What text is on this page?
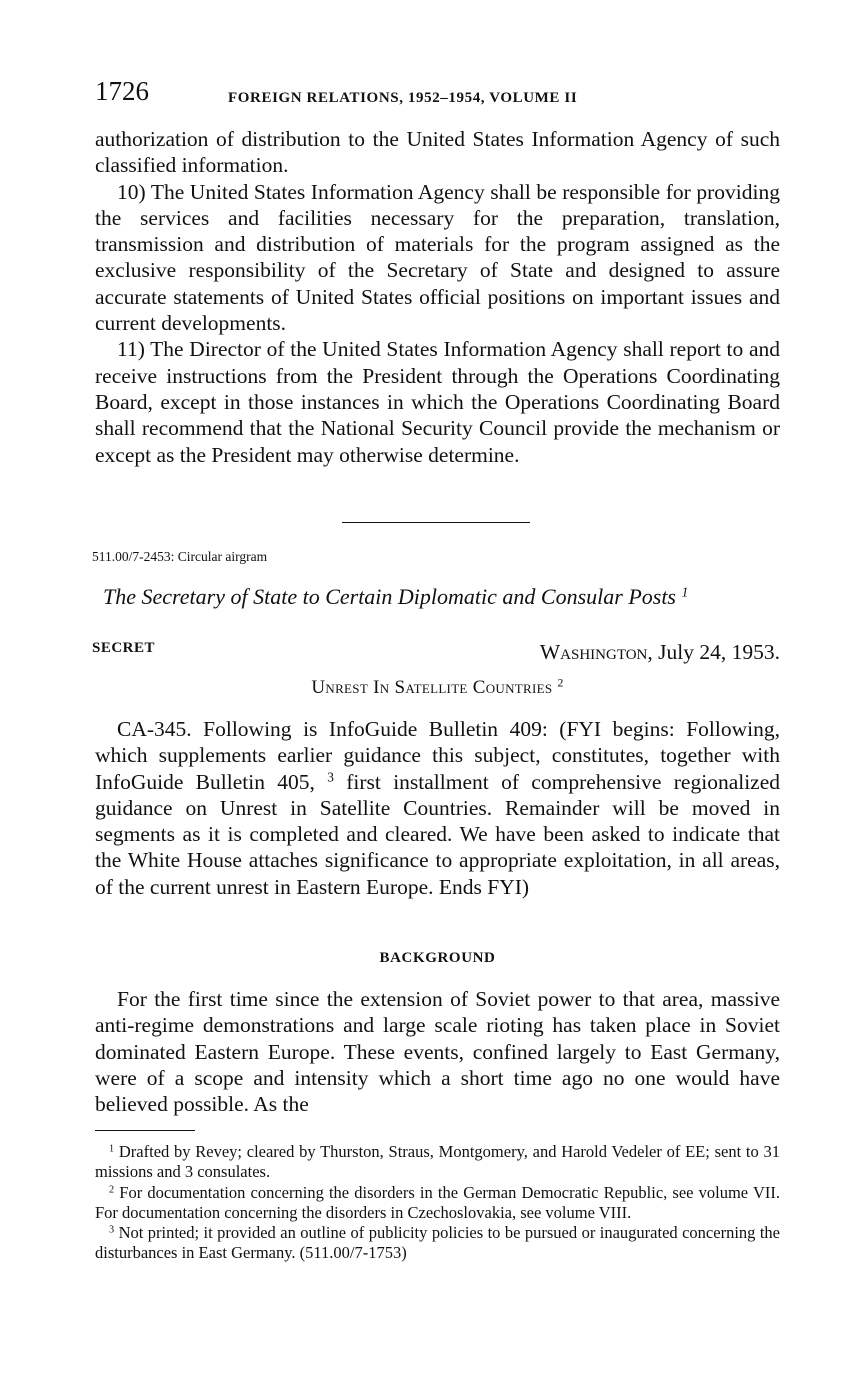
1726	FOREIGN RELATIONS, 1952–1954, VOLUME II

authorization of distribution to the United States Information Agency of such classified information.

10) The United States Information Agency shall be responsible for providing the services and facilities necessary for the preparation, translation, transmission and distribution of materials for the program assigned as the exclusive responsibility of the Secretary of State and designed to assure accurate statements of United States official positions on important issues and current developments.

11) The Director of the United States Information Agency shall report to and receive instructions from the President through the Operations Coordinating Board, except in those instances in which the Operations Coordinating Board shall recommend that the National Security Council provide the mechanism or except as the President may otherwise determine.

511.00/7-2453: Circular airgram
The Secretary of State to Certain Diplomatic and Consular Posts $^1$
SECRET	Washington, July 24, 1953.
Unrest In Satellite Countries $^2$

CA-345. Following is InfoGuide Bulletin 409: (FYI begins: Following, which supplements earlier guidance this subject, constitutes, together with InfoGuide Bulletin 405, $^3$ first installment of comprehensive regionalized guidance on Unrest in Satellite Countries. Remainder will be moved in segments as it is completed and cleared. We have been asked to indicate that the White House attaches significance to appropriate exploitation, in all areas, of the current unrest in Eastern Europe. Ends FYI)

BACKGROUND

For the first time since the extension of Soviet power to that area, massive anti-regime demonstrations and large scale rioting has taken place in Soviet dominated Eastern Europe. These events, confined largely to East Germany, were of a scope and intensity which a short time ago no one would have believed possible. As the

$^1$ Drafted by Revey; cleared by Thurston, Straus, Montgomery, and Harold Vedeler of EE; sent to 31 missions and 3 consulates.

$^2$ For documentation concerning the disorders in the German Democratic Republic, see volume VII. For documentation concerning the disorders in Czechoslovakia, see volume VIII.

$^3$ Not printed; it provided an outline of publicity policies to be pursued or inaugurated concerning the disturbances in East Germany. (511.00/7-1753)
